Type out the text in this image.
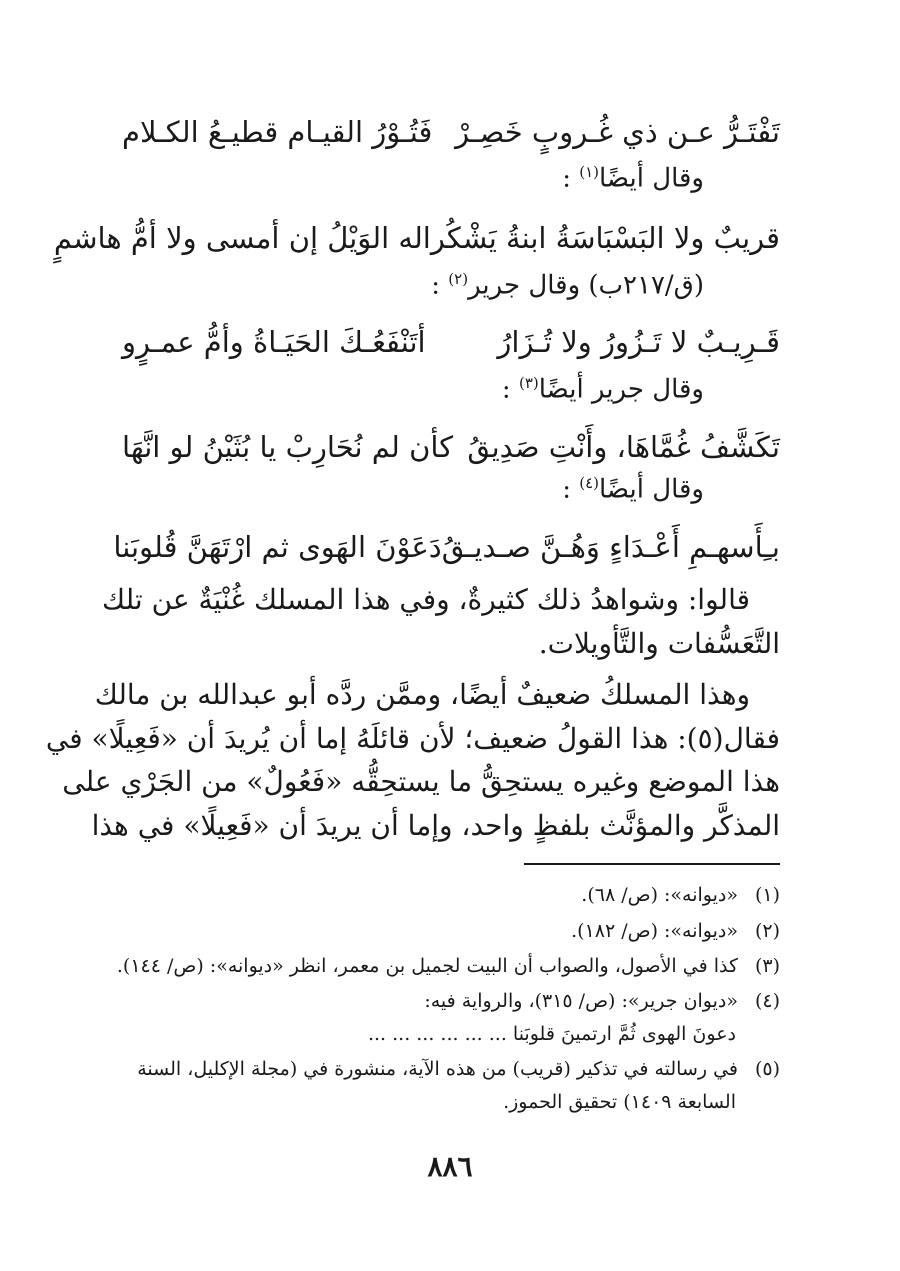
تَفْتَـرُّ عـن ذي غُـروبٍ خَصِـرْ
فَتُـوْرُ القيـام قطيـعُ الكـلام
وقال أيضًا$^{(١)}$ :
قريبٌ ولا البَسْبَاسَةُ ابنةُ يَشْكُرا
له الوَيْلُ إن أمسى ولا أمُّ هاشمٍ
(ق/٢١٧ب) وقال جرير$^{(٢)}$ :
قَـرِيـبٌ لا تَـزُورُ ولا تُـزَارُ
أتَنْفَعُـكَ الحَيَـاةُ وأمُّ عمـرٍو
وقال جرير أيضًا$^{(٣)}$ :
تَكَشَّفُ غُمَّاهَا، وأَنْتِ صَدِيقُ
كأن لم نُحَارِبْ يا بُثَيْنُ لو انَّهَا
وقال أيضًا$^{(٤)}$ :
بـِأَسهـمِ أَعْـدَاءٍ وَهُـنَّ صـديـقُ
دَعَوْنَ الهَوى ثم ارْتَهَنَّ قُلوبَنا
قالوا: وشواهدُ ذلك كثيرةٌ، وفي هذا المسلك غُنْيَةٌ عن تلك
التَّعَسُّفات والتَّأويلات.
وهذا المسلكُ ضعيفٌ أيضًا، وممَّن ردَّه أبو عبدالله بن مالك
فقال(٥): هذا القولُ ضعيف؛ لأن قائلَهُ إما أن يُريدَ أن «فَعِيلًا» في
هذا الموضع وغيره يستحِقُّ ما يستحِقُّه «فَعُولٌ» من الجَرْي على
المذكَّر والمؤنَّث بلفظٍ واحد، وإما أن يريدَ أن «فَعِيلًا» في هذا
(١)«ديوانه»: (ص/ ٦٨).
(٢)«ديوانه»: (ص/ ١٨٢).
(٣)كذا في الأصول، والصواب أن البيت لجميل بن معمر، انظر «ديوانه»: (ص/ ١٤٤).
(٤)«ديوان جرير»: (ص/ ٣١٥)، والرواية فيه:
دعونَ الهوى ثُمَّ ارتمينَ قلوبَنا ... ... ... ... ... ...
(٥)في رسالته في تذكير (قريب) من هذه الآية، منشورة في (مجلة الإكليل، السنة
السابعة ١٤٠٩) تحقيق الحموز.
٨٨٦
